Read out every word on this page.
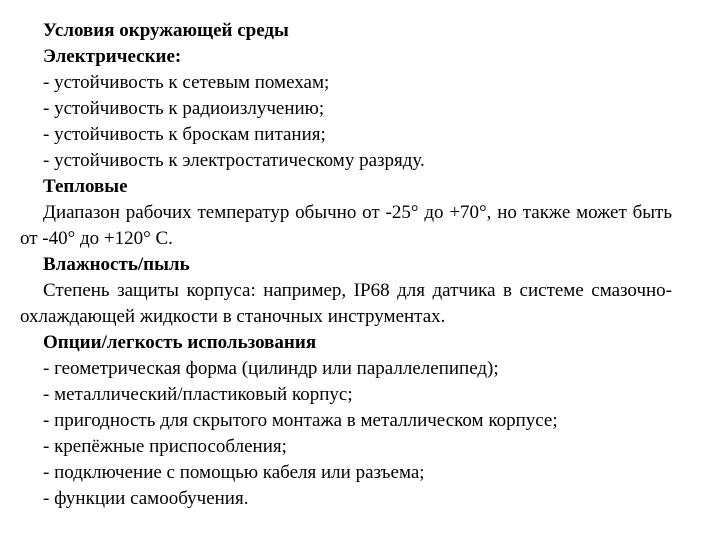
Условия окружающей среды
Электрические:
- устойчивость к сетевым помехам;
- устойчивость к радиоизлучению;
- устойчивость к броскам питания;
- устойчивость к электростатическому разряду.
Тепловые

Диапазон рабочих температур обычно от -25° до +70°, но также может быть от -40° до +120° С.

Влажность/пыль

Степень защиты корпуса: например, IP68 для датчика в системе смазочно-охлаждающей жидкости в станочных инструментах.

Опции/легкость использования
- геометрическая форма (цилиндр или параллелепипед);
- металлический/пластиковый корпус;
- пригодность для скрытого монтажа в металлическом корпусе;
- крепёжные приспособления;
- подключение с помощью кабеля или разъема;
- функции самообучения.
